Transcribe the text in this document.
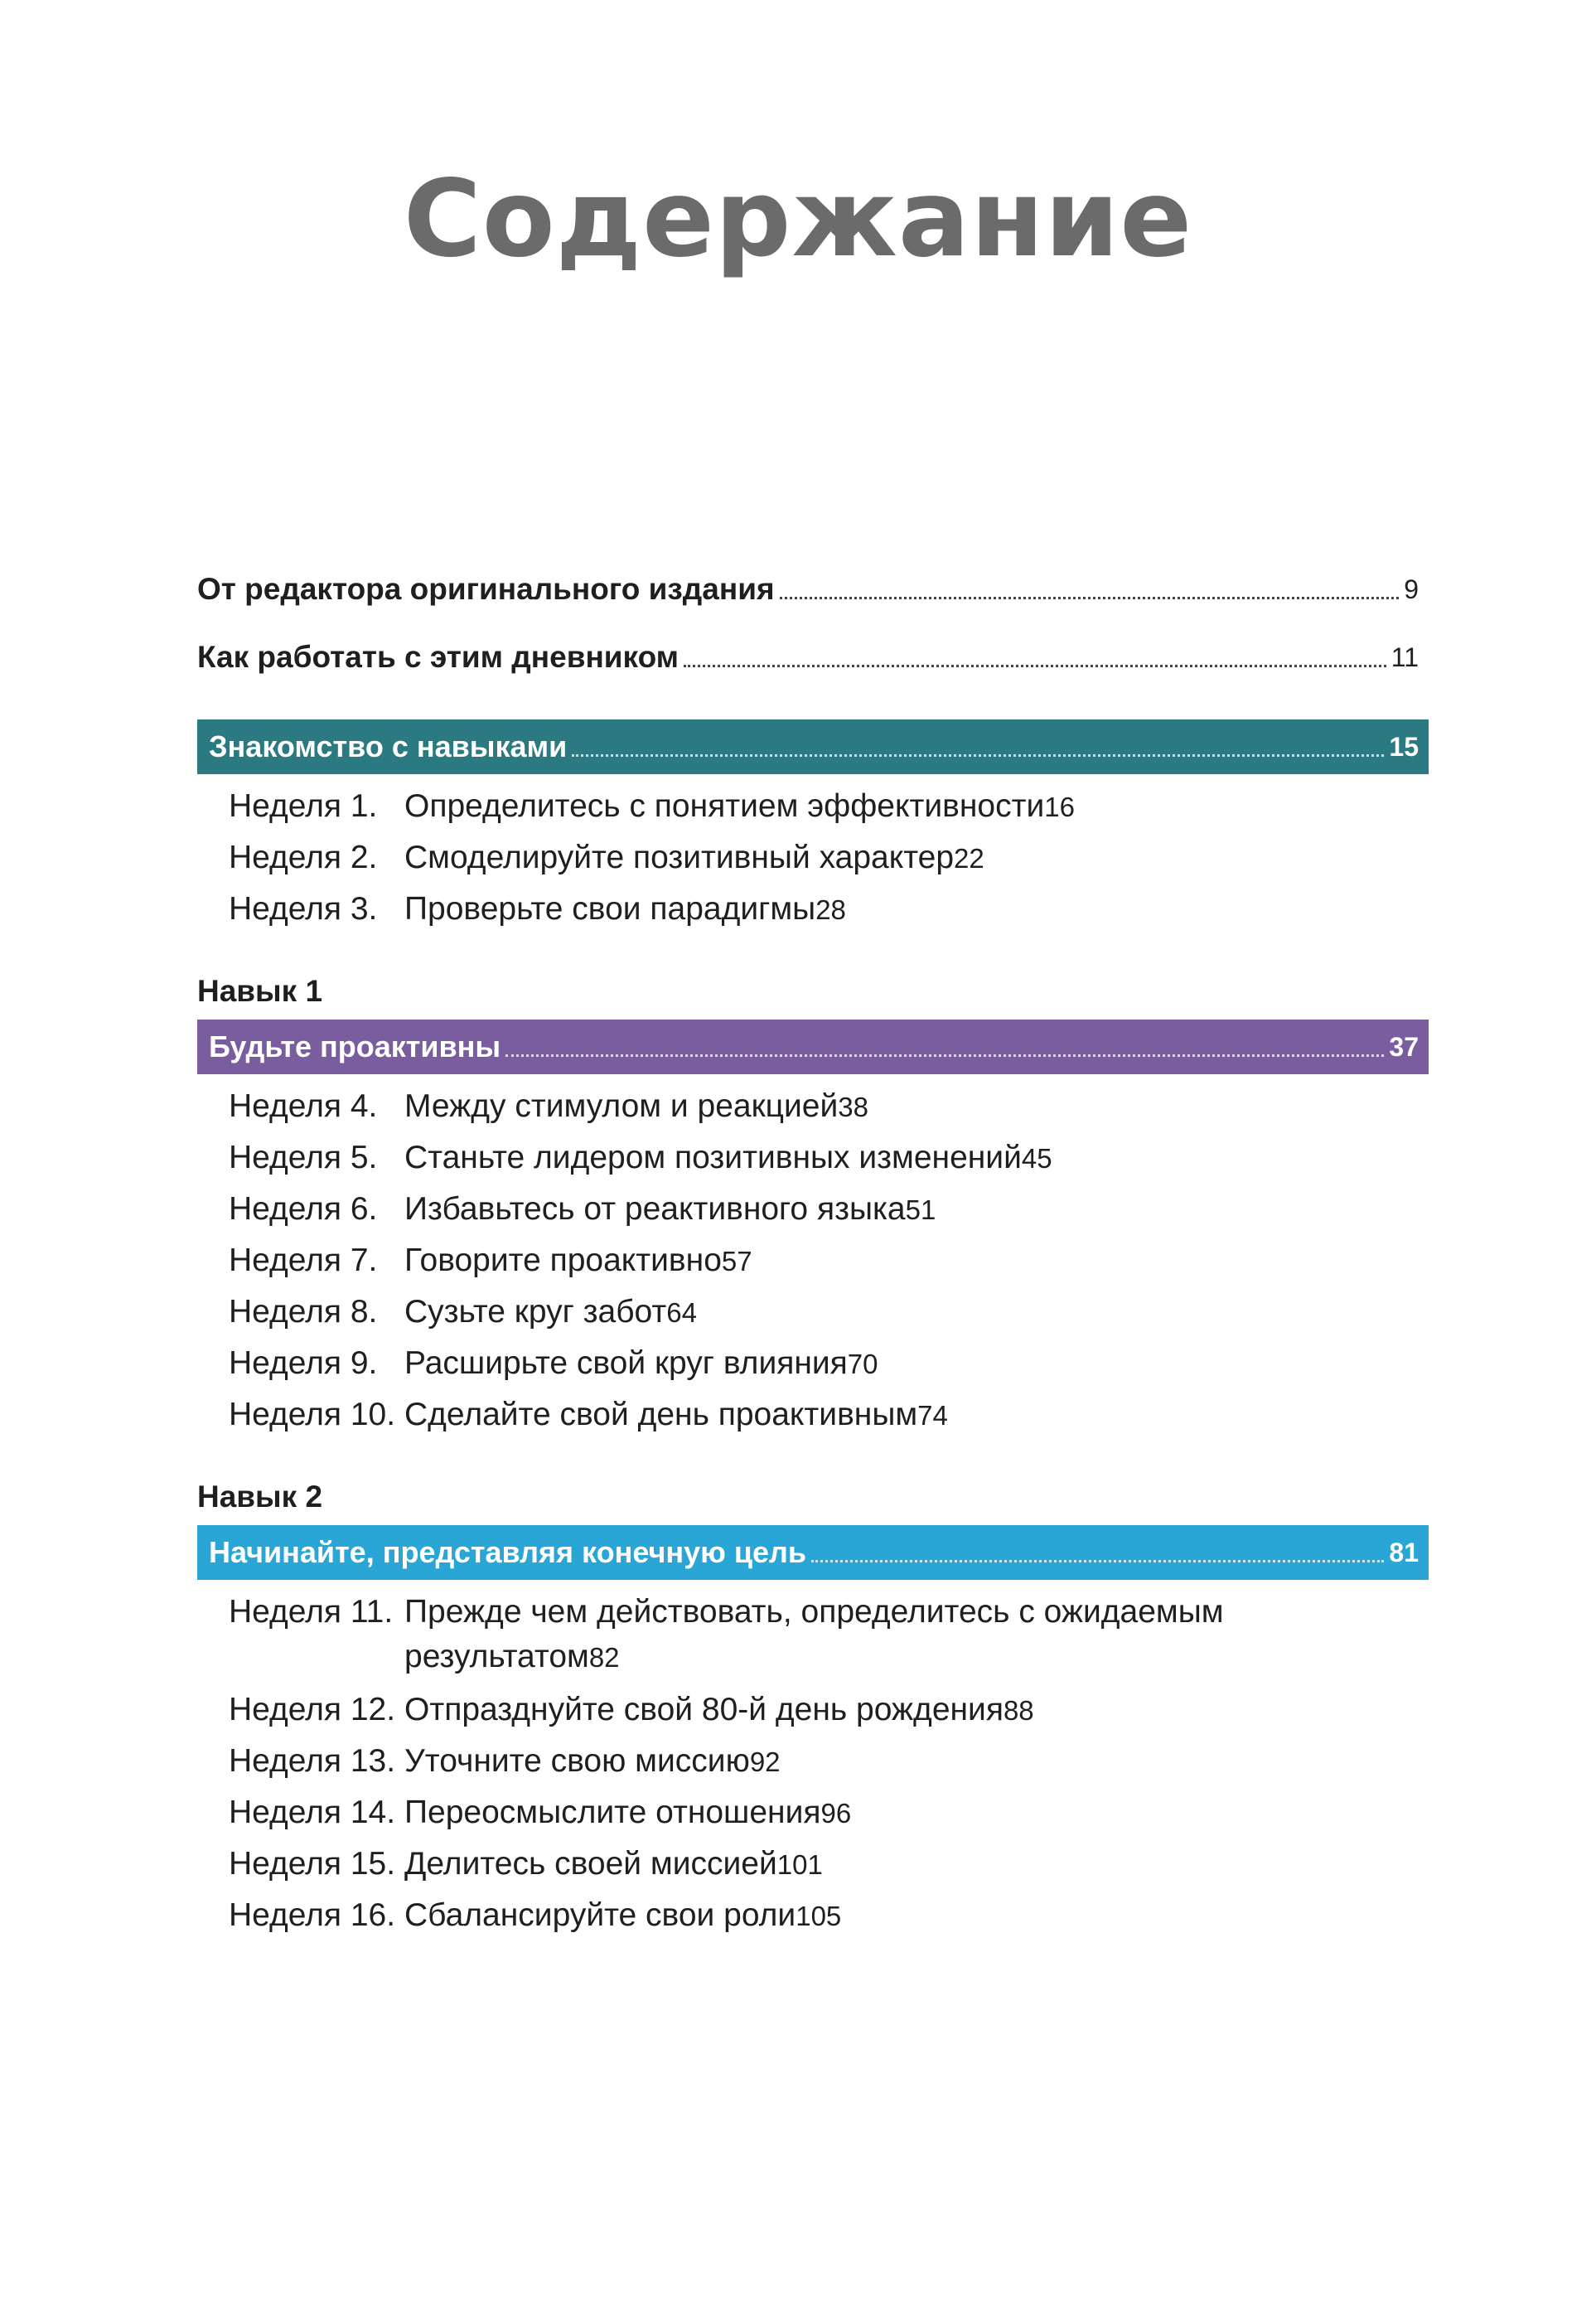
Содержание
От редактора оригинального издания	9
Как работать с этим дневником	11
Знакомство с навыками	15
Неделя 1. Определитесь с понятием эффективности 16
Неделя 2. Смоделируйте позитивный характер 22
Неделя 3. Проверьте свои парадигмы 28
Навык 1
Будьте проактивны	37
Неделя 4. Между стимулом и реакцией 38
Неделя 5. Станьте лидером позитивных изменений 45
Неделя 6. Избавьтесь от реактивного языка 51
Неделя 7. Говорите проактивно 57
Неделя 8. Сузьте круг забот 64
Неделя 9. Расширьте свой круг влияния 70
Неделя 10. Сделайте свой день проактивным 74
Навык 2
Начинайте, представляя конечную цель	81
Неделя 11. Прежде чем действовать, определитесь с ожидаемым
результатом 82
Неделя 12. Отпразднуйте свой 80-й день рождения 88
Неделя 13. Уточните свою миссию 92
Неделя 14. Переосмыслите отношения 96
Неделя 15. Делитесь своей миссией 101
Неделя 16. Сбалансируйте свои роли 105
